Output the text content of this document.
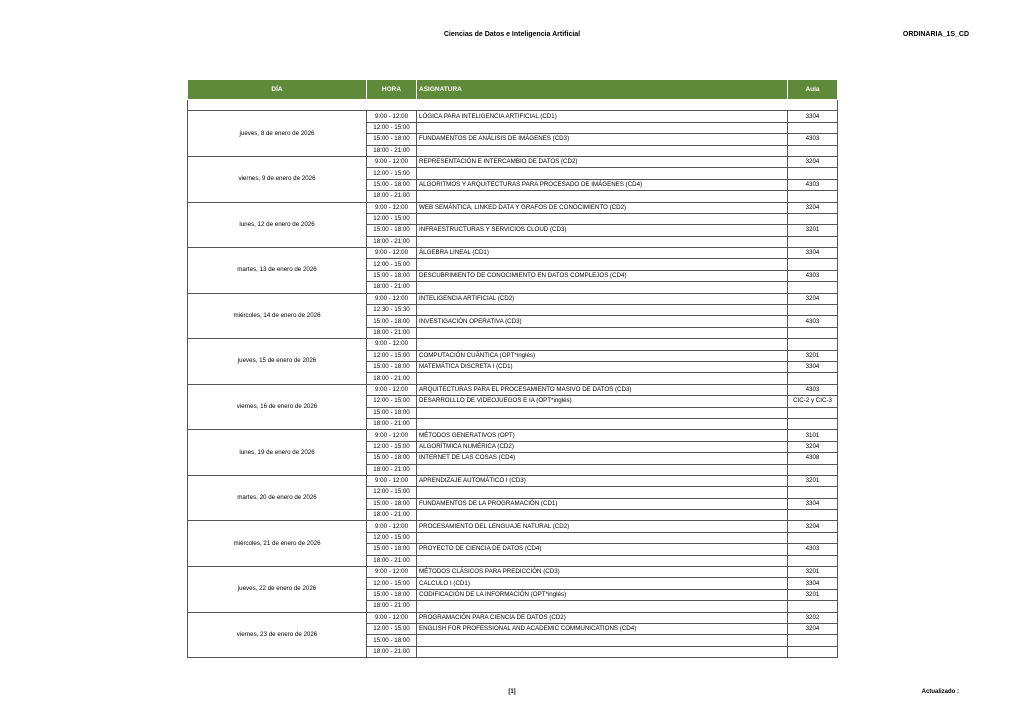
Ciencias de Datos e Inteligencia Artificial	ORDINARIA_1S_CD
DÍA	HORA	ASIGNATURA	Aula

jueves, 8 de enero de 2026	9:00 - 12:00	LÓGICA PARA INTELIGENCIA ARTIFICIAL (CD1)	3304
	12:00 - 15:00		
	15:00 - 18:00	FUNDAMENTOS DE ANÁLISIS DE IMÁGENES (CD3)	4303
	18:00 - 21:00		
viernes, 9 de enero de 2026	9:00 - 12:00	REPRESENTACIÓN E INTERCAMBIO DE DATOS (CD2)	3204
	12:00 - 15:00		
	15:00 - 18:00	ALGORITMOS Y ARQUITECTURAS PARA PROCESADO DE IMÁGENES (CD4)	4303
	18:00 - 21:00		
lunes, 12 de enero de 2026	9:00 - 12:00	WEB SEMÁNTICA, LINKED DATA Y GRAFOS DE CONOCIMIENTO (CD2)	3204
	12:00 - 15:00		
	15:00 - 18:00	INFRAESTRUCTURAS Y SERVICIOS CLOUD (CD3)	3201
	18:00 - 21:00		
martes, 13 de enero de 2026	9:00 - 12:00	ÁLGEBRA LINEAL (CD1)	3304
	12:00 - 15:00		
	15:00 - 18:00	DESCUBRIMIENTO DE CONOCIMIENTO EN DATOS COMPLEJOS (CD4)	4303
	18:00 - 21:00		
miércoles, 14 de enero de 2026	9:00 - 12:00	INTELIGENCIA ARTIFICIAL (CD2)	3204
	12:30 - 15:30		
	15:00 - 18:00	INVESTIGACIÓN OPERATIVA (CD3)	4303
	18:00 - 21:00		
jueves, 15 de enero de 2026	9:00 - 12:00		
	12:00 - 15:00	COMPUTACIÓN CUÁNTICA (OPT*inglés)	3201
	15:00 - 18:00	MATEMÁTICA DISCRETA I (CD1)	3304
	18:00 - 21:00		
viernes, 16 de enero de 2026	9:00 - 12:00	ARQUITECTURAS PARA EL PROCESAMIENTO MASIVO DE DATOS (CD3)	4303
	12:00 - 15:00	DESARROLLLO DE VIDEOJUEGOS E IA (OPT*inglés)	CIC-2 y CIC-3
	15:00 - 18:00		
	18:00 - 21:00		
lunes, 19 de enero de 2026	9:00 - 12:00	MÉTODOS GENERATIVOS (OPT)	3101
	12:00 - 15:00	ALGORÍTMICA NUMÉRICA (CD2)	3204
	15:00 - 18:00	INTERNET DE LAS COSAS (CD4)	4308
	18:00 - 21:00		
martes, 20 de enero de 2026	9:00 - 12:00	APRENDIZAJE AUTOMÁTICO I (CD3)	3201
	12:00 - 15:00		
	15:00 - 18:00	FUNDAMENTOS DE LA PROGRAMACIÓN (CD1)	3304
	18:00 - 21:00		
miércoles, 21 de enero de 2026	9:00 - 12:00	PROCESAMIENTO DEL LENGUAJE NATURAL (CD2)	3204
	12:00 - 15:00		
	15:00 - 18:00	PROYECTO DE CIENCIA DE DATOS (CD4)	4303
	18:00 - 21:00		
jueves, 22 de enero de 2026	9:00 - 12:00	MÉTODOS CLÁSICOS PARA PREDICCIÓN (CD3)	3201
	12:00 - 15:00	CALCULO I (CD1)	3304
	15:00 - 18:00	CODIFICACIÓN DE LA INFORMACIÓN (OPT*inglés)	3201
	18:00 - 21:00		
viernes, 23 de enero de 2026	9:00 - 12:00	PROGRAMACIÓN PARA CIENCIA DE DATOS (CD2)	3202
	12:00 - 15:00	ENGLISH FOR PROFESSIONAL AND ACADEMIC COMMUNICATIONS (CD4)	3204
	15:00 - 18:00		
	18:00 - 21:00		
[1]	Actualizado :
